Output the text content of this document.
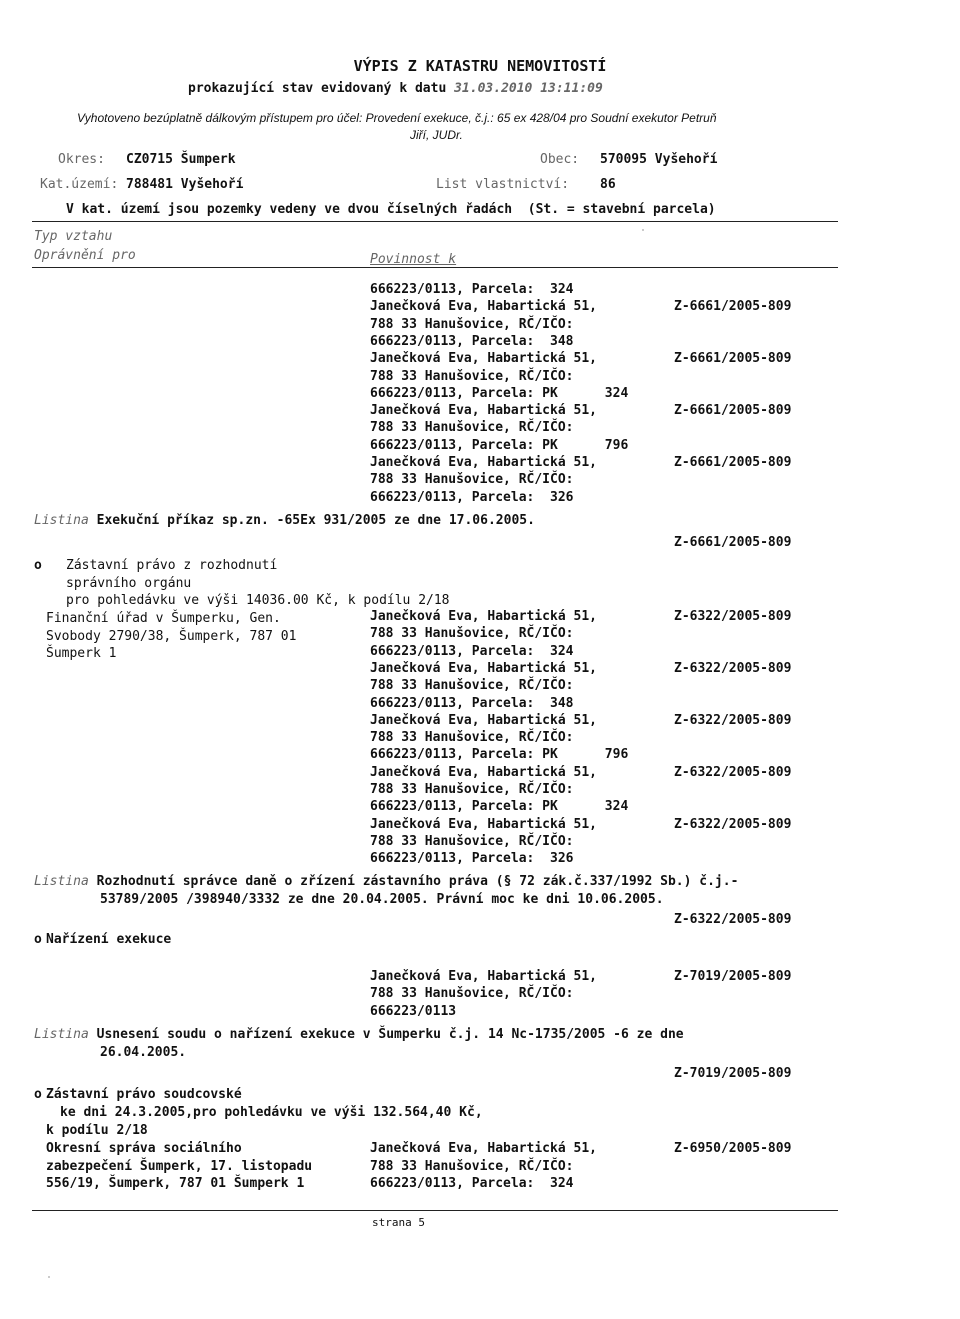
VÝPIS Z KATASTRU NEMOVITOSTÍ
prokazující stav evidovaný k datu 31.03.2010 13:11:09
Vyhotoveno bezúplatně dálkovým přístupem pro účel: Provedení exekuce, č.j.: 65 ex 428/04 pro Soudní exekutor Petruň
Jiří, JUDr.
Okres: CZ0715 Šumperk	Obec: 570095 Vyšehoří
Kat.území: 788481 Vyšehoří	List vlastnictví: 86
V kat. území jsou pozemky vedeny ve dvou číselných řadách  (St. = stavební parcela)
Typ vztahu
Oprávnění pro	Povinnost k
666223/0113, Parcela:  324
Janečková Eva, Habartická 51,	Z-6661/2005-809
788 33 Hanušovice, RČ/IČO:
666223/0113, Parcela:  348
Janečková Eva, Habartická 51,	Z-6661/2005-809
788 33 Hanušovice, RČ/IČO:
666223/0113, Parcela: PK      324
Janečková Eva, Habartická 51,	Z-6661/2005-809
788 33 Hanušovice, RČ/IČO:
666223/0113, Parcela: PK      796
Janečková Eva, Habartická 51,	Z-6661/2005-809
788 33 Hanušovice, RČ/IČO:
666223/0113, Parcela:  326
Listina Exekuční příkaz sp.zn. -65Ex 931/2005 ze dne 17.06.2005.
Z-6661/2005-809
o Zástavní právo z rozhodnutí
správního orgánu
pro pohledávku ve výši 14036.00 Kč, k podílu 2/18
Finanční úřad v Šumperku, Gen.
Svobody 2790/38, Šumperk, 787 01
Šumperk 1
Janečková Eva, Habartická 51,	Z-6322/2005-809
788 33 Hanušovice, RČ/IČO:
666223/0113, Parcela:  324
Janečková Eva, Habartická 51,	Z-6322/2005-809
788 33 Hanušovice, RČ/IČO:
666223/0113, Parcela:  348
Janečková Eva, Habartická 51,	Z-6322/2005-809
788 33 Hanušovice, RČ/IČO:
666223/0113, Parcela: PK      796
Janečková Eva, Habartická 51,	Z-6322/2005-809
788 33 Hanušovice, RČ/IČO:
666223/0113, Parcela: PK      324
Janečková Eva, Habartická 51,	Z-6322/2005-809
788 33 Hanušovice, RČ/IČO:
666223/0113, Parcela:  326
Listina Rozhodnutí správce daně o zřízení zástavního práva (§ 72 zák.č.337/1992 Sb.) č.j.-
53789/2005 /398940/3332 ze dne 20.04.2005. Právní moc ke dni 10.06.2005.
Z-6322/2005-809
o Nařízení exekuce
Janečková Eva, Habartická 51,	Z-7019/2005-809
788 33 Hanušovice, RČ/IČO:
666223/0113
Listina Usnesení soudu o nařízení exekuce v Šumperku č.j. 14 Nc-1735/2005 -6 ze dne
26.04.2005.
Z-7019/2005-809
o Zástavní právo soudcovské
ke dni 24.3.2005,pro pohledávku ve výši 132.564,40 Kč,
k podílu 2/18
Okresní správa sociálního
zabezpečení Šumperk, 17. listopadu
556/19, Šumperk, 787 01 Šumperk 1
Janečková Eva, Habartická 51,	Z-6950/2005-809
788 33 Hanušovice, RČ/IČO:
666223/0113, Parcela:  324
strana 5
